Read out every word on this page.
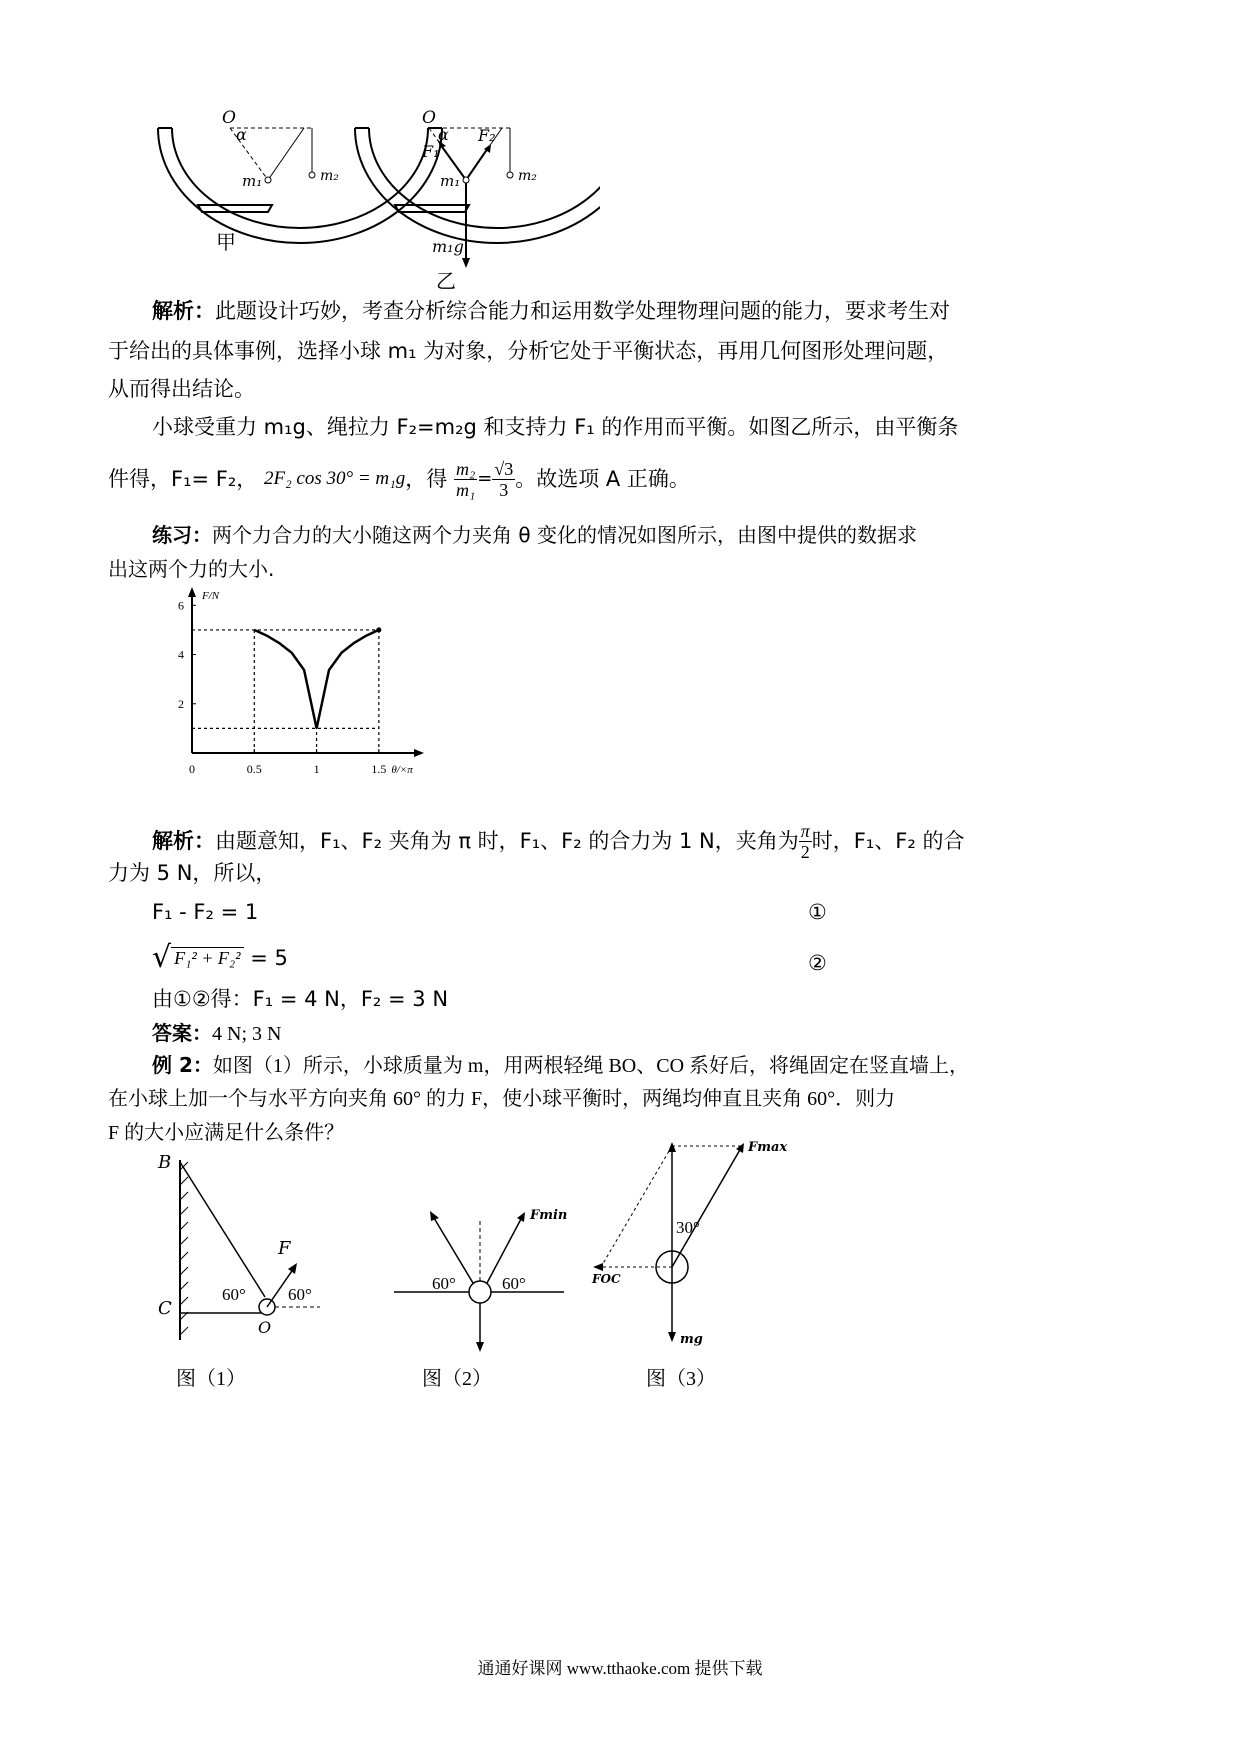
O
α
m₁	m₂
O
α
F₁
F₂
m₁	m₂
m₁g
甲
乙
解析：此题设计巧妙，考查分析综合能力和运用数学处理物理问题的能力，要求考生对
于给出的具体事例，选择小球 m₁ 为对象，分析它处于平衡状态，再用几何图形处理问题，
从而得出结论。
小球受重力 m₁g、绳拉力 F₂=m₂g 和支持力 F₁ 的作用而平衡。如图乙所示，由平衡条
件得，F₁= F₂， 2F₂ cos 30° = m₁g，得 $\frac{\text{m₂}}{\text{m₁}} = \frac{√3}{3}$ 。故选项 A 正确。
练习：两个力合力的大小随这两个力夹角 θ 变化的情况如图所示，由图中提供的数据求
出这两个力的大小.
F/N
θ/×π
0	0.5	1	1.5
2
4
6
解析：由题意知，F₁、F₂ 夹角为 π 时，F₁、F₂ 的合力为 1 N，夹角为 $\frac{\pi}{2}$ 时，F₁、F₂ 的合
力为 5 N，所以，
F₁ - F₂ = 1	①
√ F₁² + F₂² = 5	②
由①②得：F₁ = 4 N，F₂ = 3 N
答案：4 N; 3 N
例 2：如图（1）所示，小球质量为 m，用两根轻绳 BO、CO 系好后，将绳固定在竖直墙上，
在小球上加一个与水平方向夹角 60° 的力 F，使小球平衡时，两绳均伸直且夹角 60°．则力
F 的大小应满足什么条件？
B
C
O
F
60° 60°
图（1）
Fmin
60°	60°
图（2）
Fmax
30°
FOC
mg
图（3）
通通好课网 www.tthaoke.com 提供下载
